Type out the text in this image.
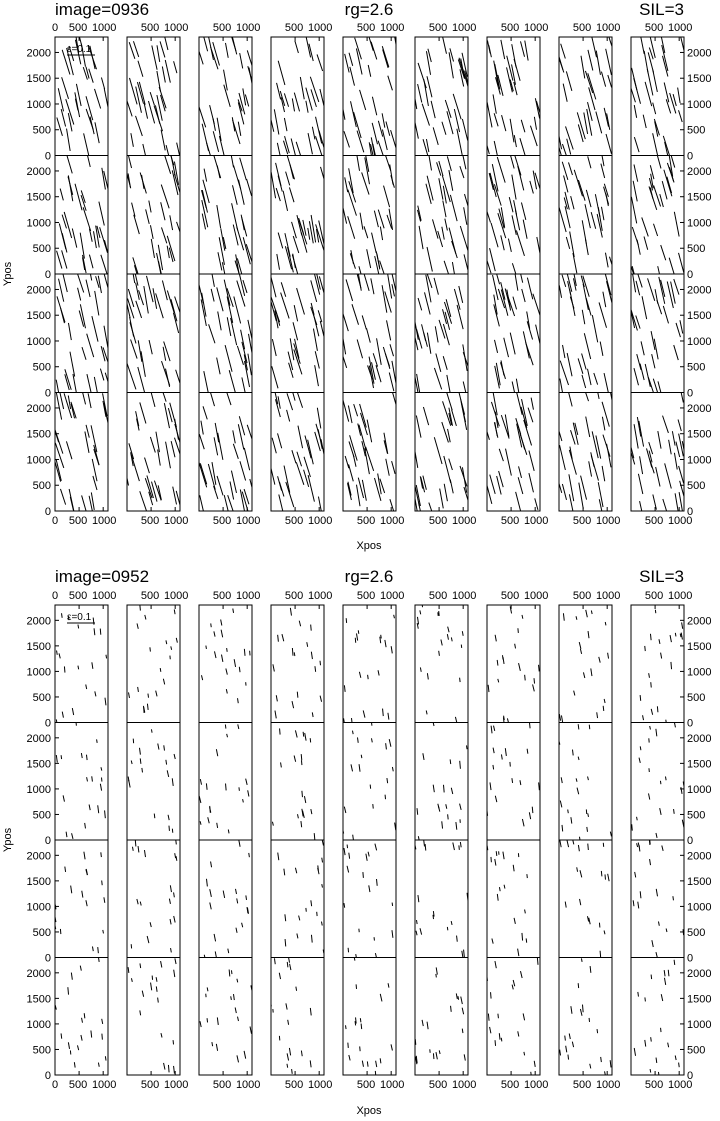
image=0936	rg=2.6	SIL=3
Xpos
Ypos
0
500
1000
1500
2000
0
500
1000
1500
2000
0
500
1000
1500
2000
0
500
1000
1500
2000
0
500
1000
1500
2000
0
500
1000
1500
2000
0
500
1000
1500
2000
0
500
1000
1500
2000
0
0
500 1000
500 1000
500 1000
500 1000
500 1000
500 1000
500 1000
500 1000
500 1000
500 1000
500 1000
500 1000
500 1000
500 1000
500 1000
500 1000
500 1000
500 1000
ε=0.1
image=0952	rg=2.6	SIL=3
Xpos
Ypos
0
500
1000
1500
2000
0
500
1000
1500
2000
0
500
1000
1500
2000
0
500
1000
1500
2000
0
500
1000
1500
2000
0
500
1000
1500
2000
0
500
1000
1500
2000
0
500
1000
1500
2000
0
0
500 1000
500 1000
500 1000
500 1000
500 1000
500 1000
500 1000
500 1000
500 1000
500 1000
500 1000
500 1000
500 1000
500 1000
500 1000
500 1000
500 1000
500 1000
ε=0.1
